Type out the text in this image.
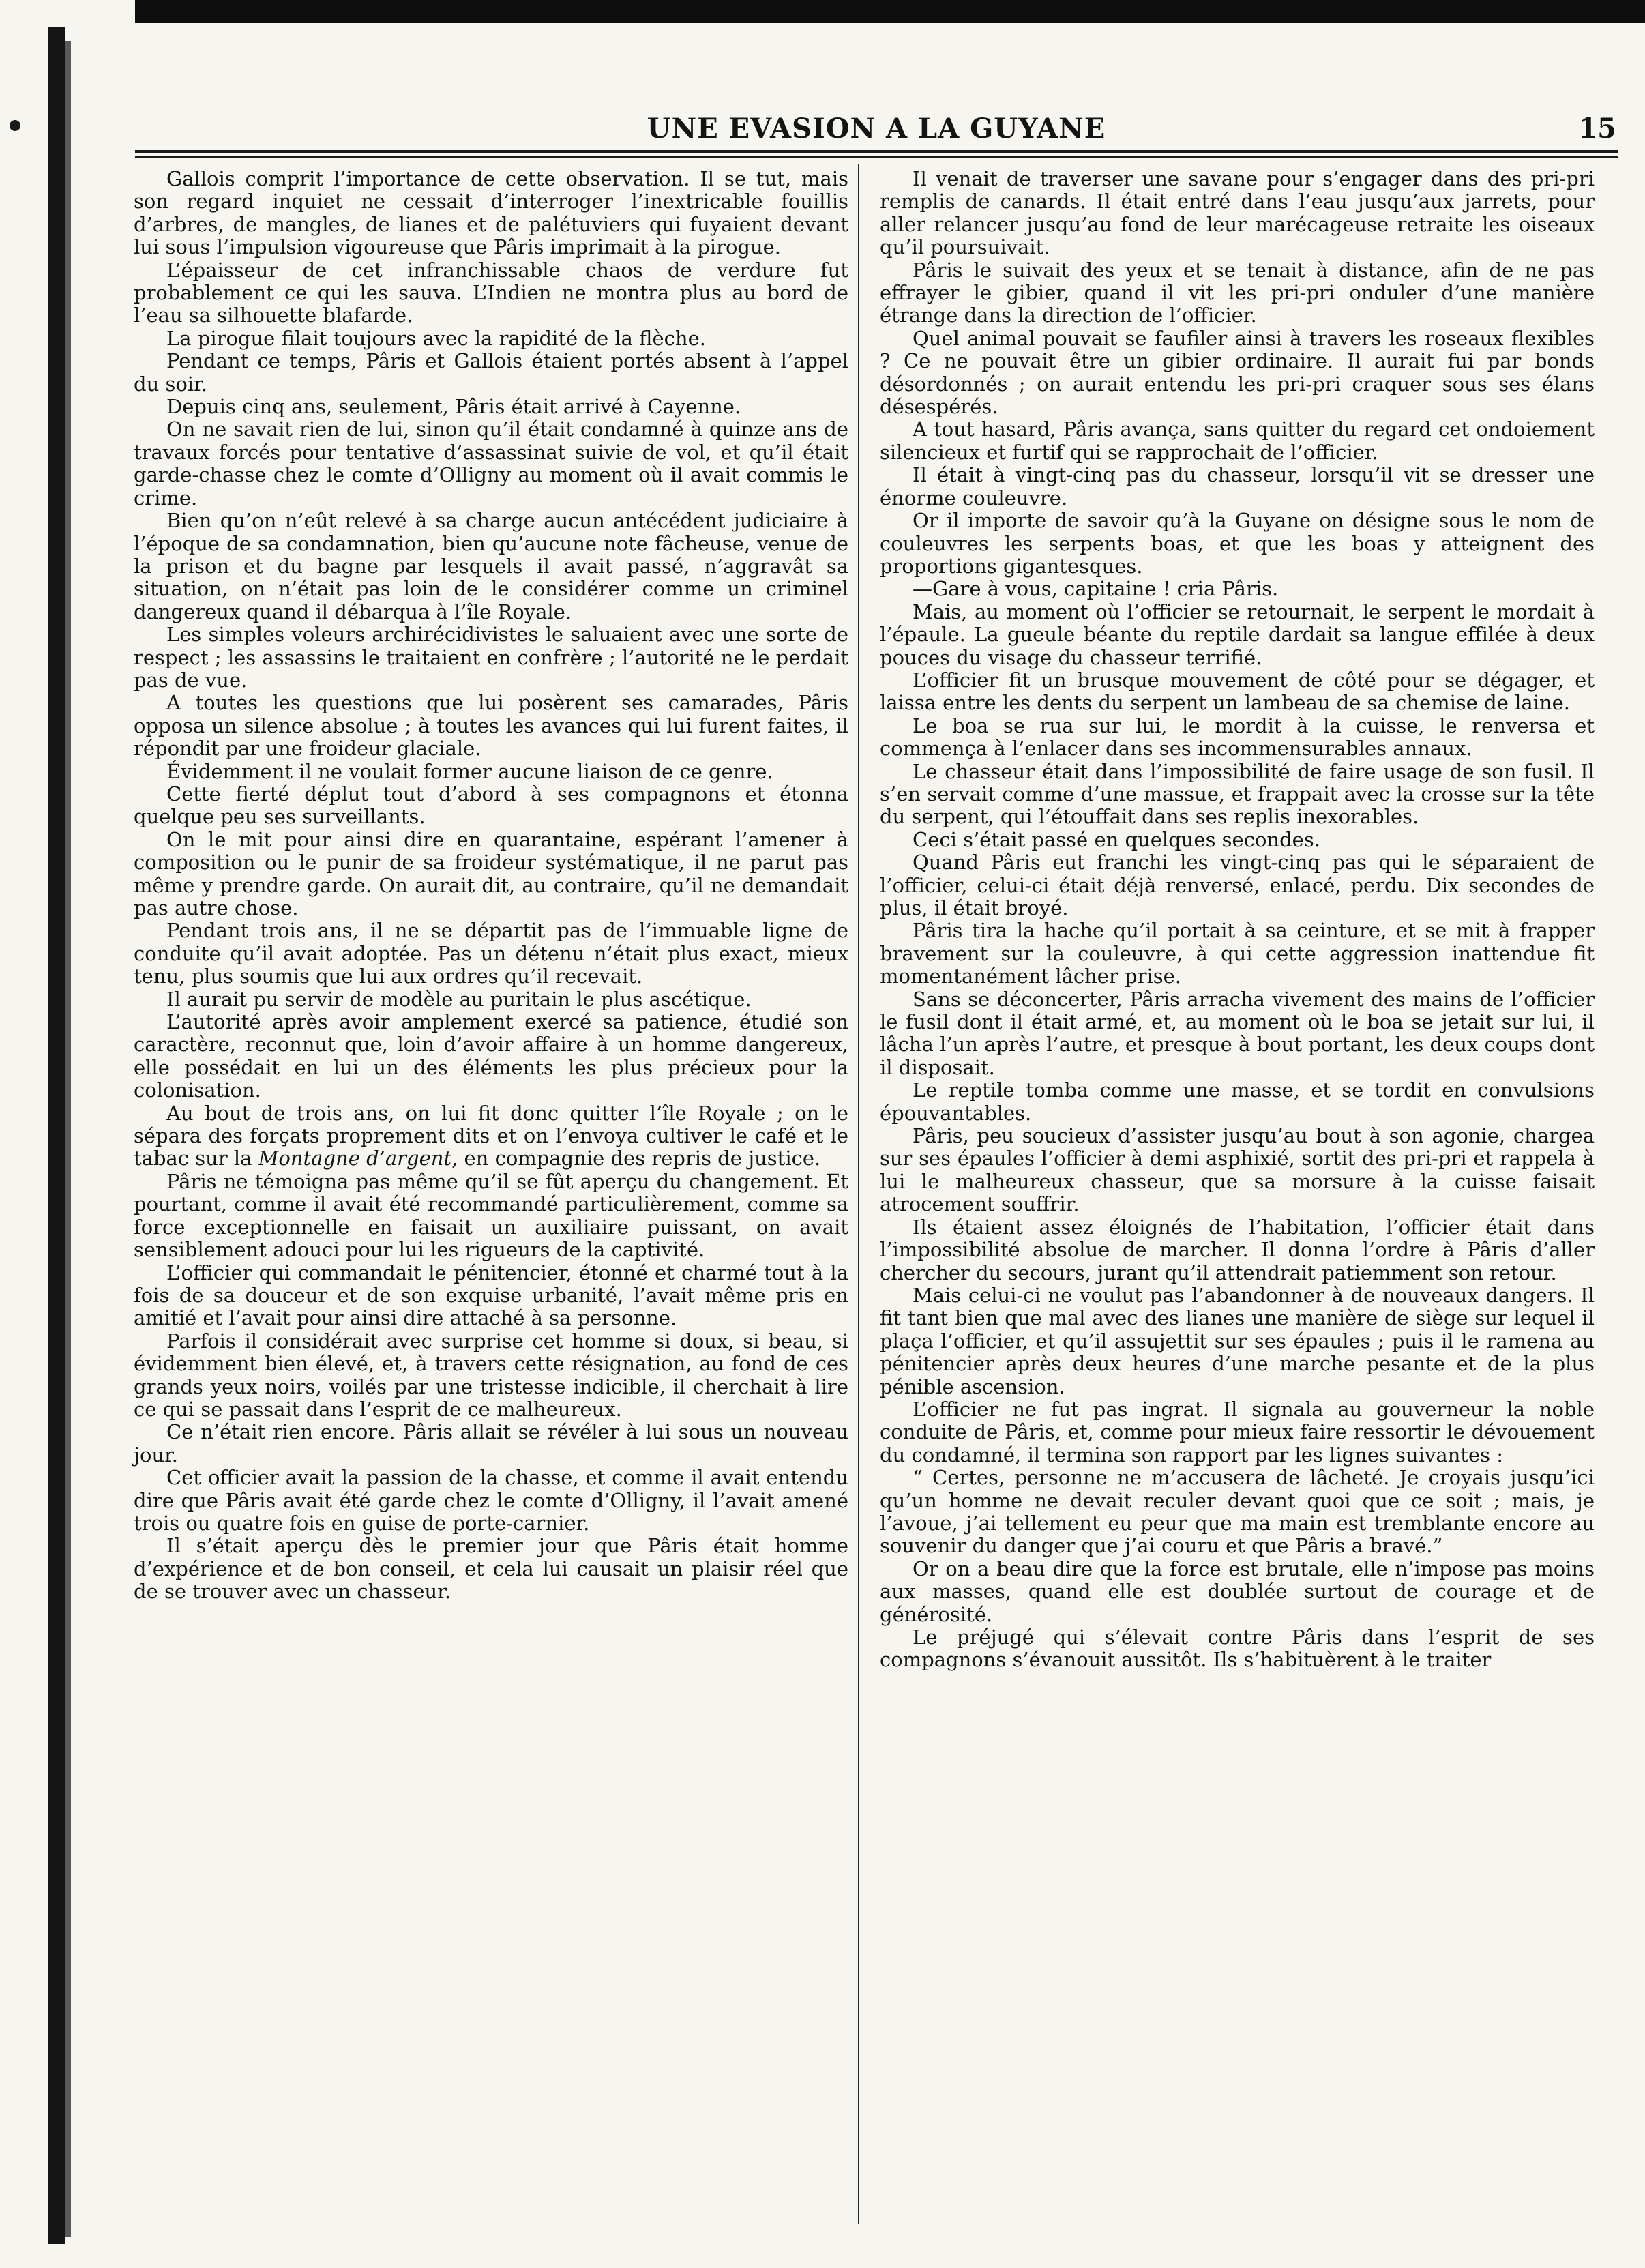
UNE EVASION A LA GUYANE	15

Gallois comprit l’importance de cette observation. Il se tut, mais son regard inquiet ne cessait d’interroger l’inextricable fouillis d’arbres, de mangles, de lianes et de palétuviers qui fuyaient devant lui sous l’impulsion vigoureuse que Pâris imprimait à la pirogue.

L’épaisseur de cet infranchissable chaos de verdure fut probablement ce qui les sauva. L’Indien ne montra plus au bord de l’eau sa silhouette blafarde.

La pirogue filait toujours avec la rapidité de la flèche.

Pendant ce temps, Pâris et Gallois étaient portés absent à l’appel du soir.

Depuis cinq ans, seulement, Pâris était arrivé à Cayenne.

On ne savait rien de lui, sinon qu’il était condamné à quinze ans de travaux forcés pour tentative d’assassinat suivie de vol, et qu’il était garde-chasse chez le comte d’Olligny au moment où il avait commis le crime.

Bien qu’on n’eût relevé à sa charge aucun antécédent judiciaire à l’époque de sa condamnation, bien qu’aucune note fâcheuse, venue de la prison et du bagne par lesquels il avait passé, n’aggravât sa situation, on n’était pas loin de le considérer comme un criminel dangereux quand il débarqua à l’île Royale.

Les simples voleurs archirécidivistes le saluaient avec une sorte de respect ; les assassins le traitaient en confrère ; l’autorité ne le perdait pas de vue.

A toutes les questions que lui posèrent ses camarades, Pâris opposa un silence absolue ; à toutes les avances qui lui furent faites, il répondit par une froideur glaciale.

Évidemment il ne voulait former aucune liaison de ce genre.

Cette fierté déplut tout d’abord à ses compagnons et étonna quelque peu ses surveillants.

On le mit pour ainsi dire en quarantaine, espérant l’amener à composition ou le punir de sa froideur systématique, il ne parut pas même y prendre garde. On aurait dit, au contraire, qu’il ne demandait pas autre chose.

Pendant trois ans, il ne se départit pas de l’immuable ligne de conduite qu’il avait adoptée. Pas un détenu n’était plus exact, mieux tenu, plus soumis que lui aux ordres qu’il recevait.

Il aurait pu servir de modèle au puritain le plus ascétique.

L’autorité après avoir amplement exercé sa patience, étudié son caractère, reconnut que, loin d’avoir affaire à un homme dangereux, elle possédait en lui un des éléments les plus précieux pour la colonisation.

Au bout de trois ans, on lui fit donc quitter l’île Royale ; on le sépara des forçats proprement dits et on l’envoya cultiver le café et le tabac sur la Montagne d’argent, en compagnie des repris de justice.

Pâris ne témoigna pas même qu’il se fût aperçu du changement. Et pourtant, comme il avait été recommandé particulièrement, comme sa force exceptionnelle en faisait un auxiliaire puissant, on avait sensiblement adouci pour lui les rigueurs de la captivité.

L’officier qui commandait le pénitencier, étonné et charmé tout à la fois de sa douceur et de son exquise urbanité, l’avait même pris en amitié et l’avait pour ainsi dire attaché à sa personne.

Parfois il considérait avec surprise cet homme si doux, si beau, si évidemment bien élevé, et, à travers cette résignation, au fond de ces grands yeux noirs, voilés par une tristesse indicible, il cherchait à lire ce qui se passait dans l’esprit de ce malheureux.

Ce n’était rien encore. Pâris allait se révéler à lui sous un nouveau jour.

Cet officier avait la passion de la chasse, et comme il avait entendu dire que Pâris avait été garde chez le comte d’Olligny, il l’avait amené trois ou quatre fois en guise de porte-carnier.

Il s’était aperçu dès le premier jour que Pâris était homme d’expérience et de bon conseil, et cela lui causait un plaisir réel que de se trouver avec un chasseur.

Il venait de traverser une savane pour s’engager dans des pri-pri remplis de canards. Il était entré dans l’eau jusqu’aux jarrets, pour aller relancer jusqu’au fond de leur marécageuse retraite les oiseaux qu’il poursuivait.

Pâris le suivait des yeux et se tenait à distance, afin de ne pas effrayer le gibier, quand il vit les pri-pri onduler d’une manière étrange dans la direction de l’officier.

Quel animal pouvait se faufiler ainsi à travers les roseaux flexibles ? Ce ne pouvait être un gibier ordinaire. Il aurait fui par bonds désordonnés ; on aurait entendu les pri-pri craquer sous ses élans désespérés.

A tout hasard, Pâris avança, sans quitter du regard cet ondoiement silencieux et furtif qui se rapprochait de l’officier.

Il était à vingt-cinq pas du chasseur, lorsqu’il vit se dresser une énorme couleuvre.

Or il importe de savoir qu’à la Guyane on désigne sous le nom de couleuvres les serpents boas, et que les boas y atteignent des proportions gigantesques.

—Gare à vous, capitaine ! cria Pâris.

Mais, au moment où l’officier se retournait, le serpent le mordait à l’épaule. La gueule béante du reptile dardait sa langue effilée à deux pouces du visage du chasseur terrifié.

L’officier fit un brusque mouvement de côté pour se dégager, et laissa entre les dents du serpent un lambeau de sa chemise de laine.

Le boa se rua sur lui, le mordit à la cuisse, le renversa et commença à l’enlacer dans ses incommensurables annaux.

Le chasseur était dans l’impossibilité de faire usage de son fusil. Il s’en servait comme d’une massue, et frappait avec la crosse sur la tête du serpent, qui l’étouffait dans ses replis inexorables.

Ceci s’était passé en quelques secondes.

Quand Pâris eut franchi les vingt-cinq pas qui le séparaient de l’officier, celui-ci était déjà renversé, enlacé, perdu. Dix secondes de plus, il était broyé.

Pâris tira la hache qu’il portait à sa ceinture, et se mit à frapper bravement sur la couleuvre, à qui cette aggression inattendue fit momentanément lâcher prise.

Sans se déconcerter, Pâris arracha vivement des mains de l’officier le fusil dont il était armé, et, au moment où le boa se jetait sur lui, il lâcha l’un après l’autre, et presque à bout portant, les deux coups dont il disposait.

Le reptile tomba comme une masse, et se tordit en convulsions épouvantables.

Pâris, peu soucieux d’assister jusqu’au bout à son agonie, chargea sur ses épaules l’officier à demi asphixié, sortit des pri-pri et rappela à lui le malheureux chasseur, que sa morsure à la cuisse faisait atrocement souffrir.

Ils étaient assez éloignés de l’habitation, l’officier était dans l’impossibilité absolue de marcher. Il donna l’ordre à Pâris d’aller chercher du secours, jurant qu’il attendrait patiemment son retour.

Mais celui-ci ne voulut pas l’abandonner à de nouveaux dangers. Il fit tant bien que mal avec des lianes une manière de siège sur lequel il plaça l’officier, et qu’il assujettit sur ses épaules ; puis il le ramena au pénitencier après deux heures d’une marche pesante et de la plus pénible ascension.

L’officier ne fut pas ingrat. Il signala au gouverneur la noble conduite de Pâris, et, comme pour mieux faire ressortir le dévouement du condamné, il termina son rapport par les lignes suivantes :

“ Certes, personne ne m’accusera de lâcheté. Je croyais jusqu’ici qu’un homme ne devait reculer devant quoi que ce soit ; mais, je l’avoue, j’ai tellement eu peur que ma main est tremblante encore au souvenir du danger que j’ai couru et que Pâris a bravé.”

Or on a beau dire que la force est brutale, elle n’impose pas moins aux masses, quand elle est doublée surtout de courage et de générosité.

Le préjugé qui s’élevait contre Pâris dans l’esprit de ses compagnons s’évanouit aussitôt. Ils s’habituèrent à le traiter
